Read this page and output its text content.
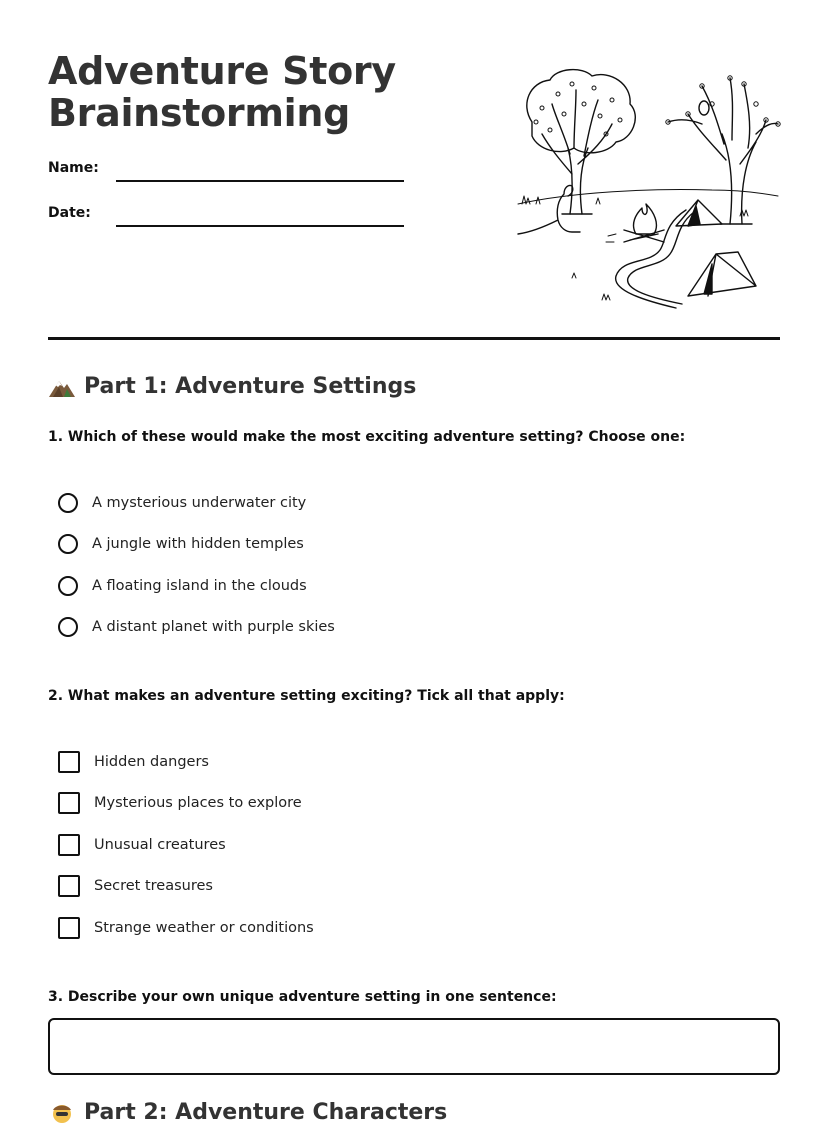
Adventure Story
Brainstorming
Name:
Date:
Part 1: Adventure Settings
1. Which of these would make the most exciting adventure setting? Choose one:
A mysterious underwater city
A jungle with hidden temples
A floating island in the clouds
A distant planet with purple skies
2. What makes an adventure setting exciting? Tick all that apply:
Hidden dangers
Mysterious places to explore
Unusual creatures
Secret treasures
Strange weather or conditions
3. Describe your own unique adventure setting in one sentence:
Part 2: Adventure Characters
